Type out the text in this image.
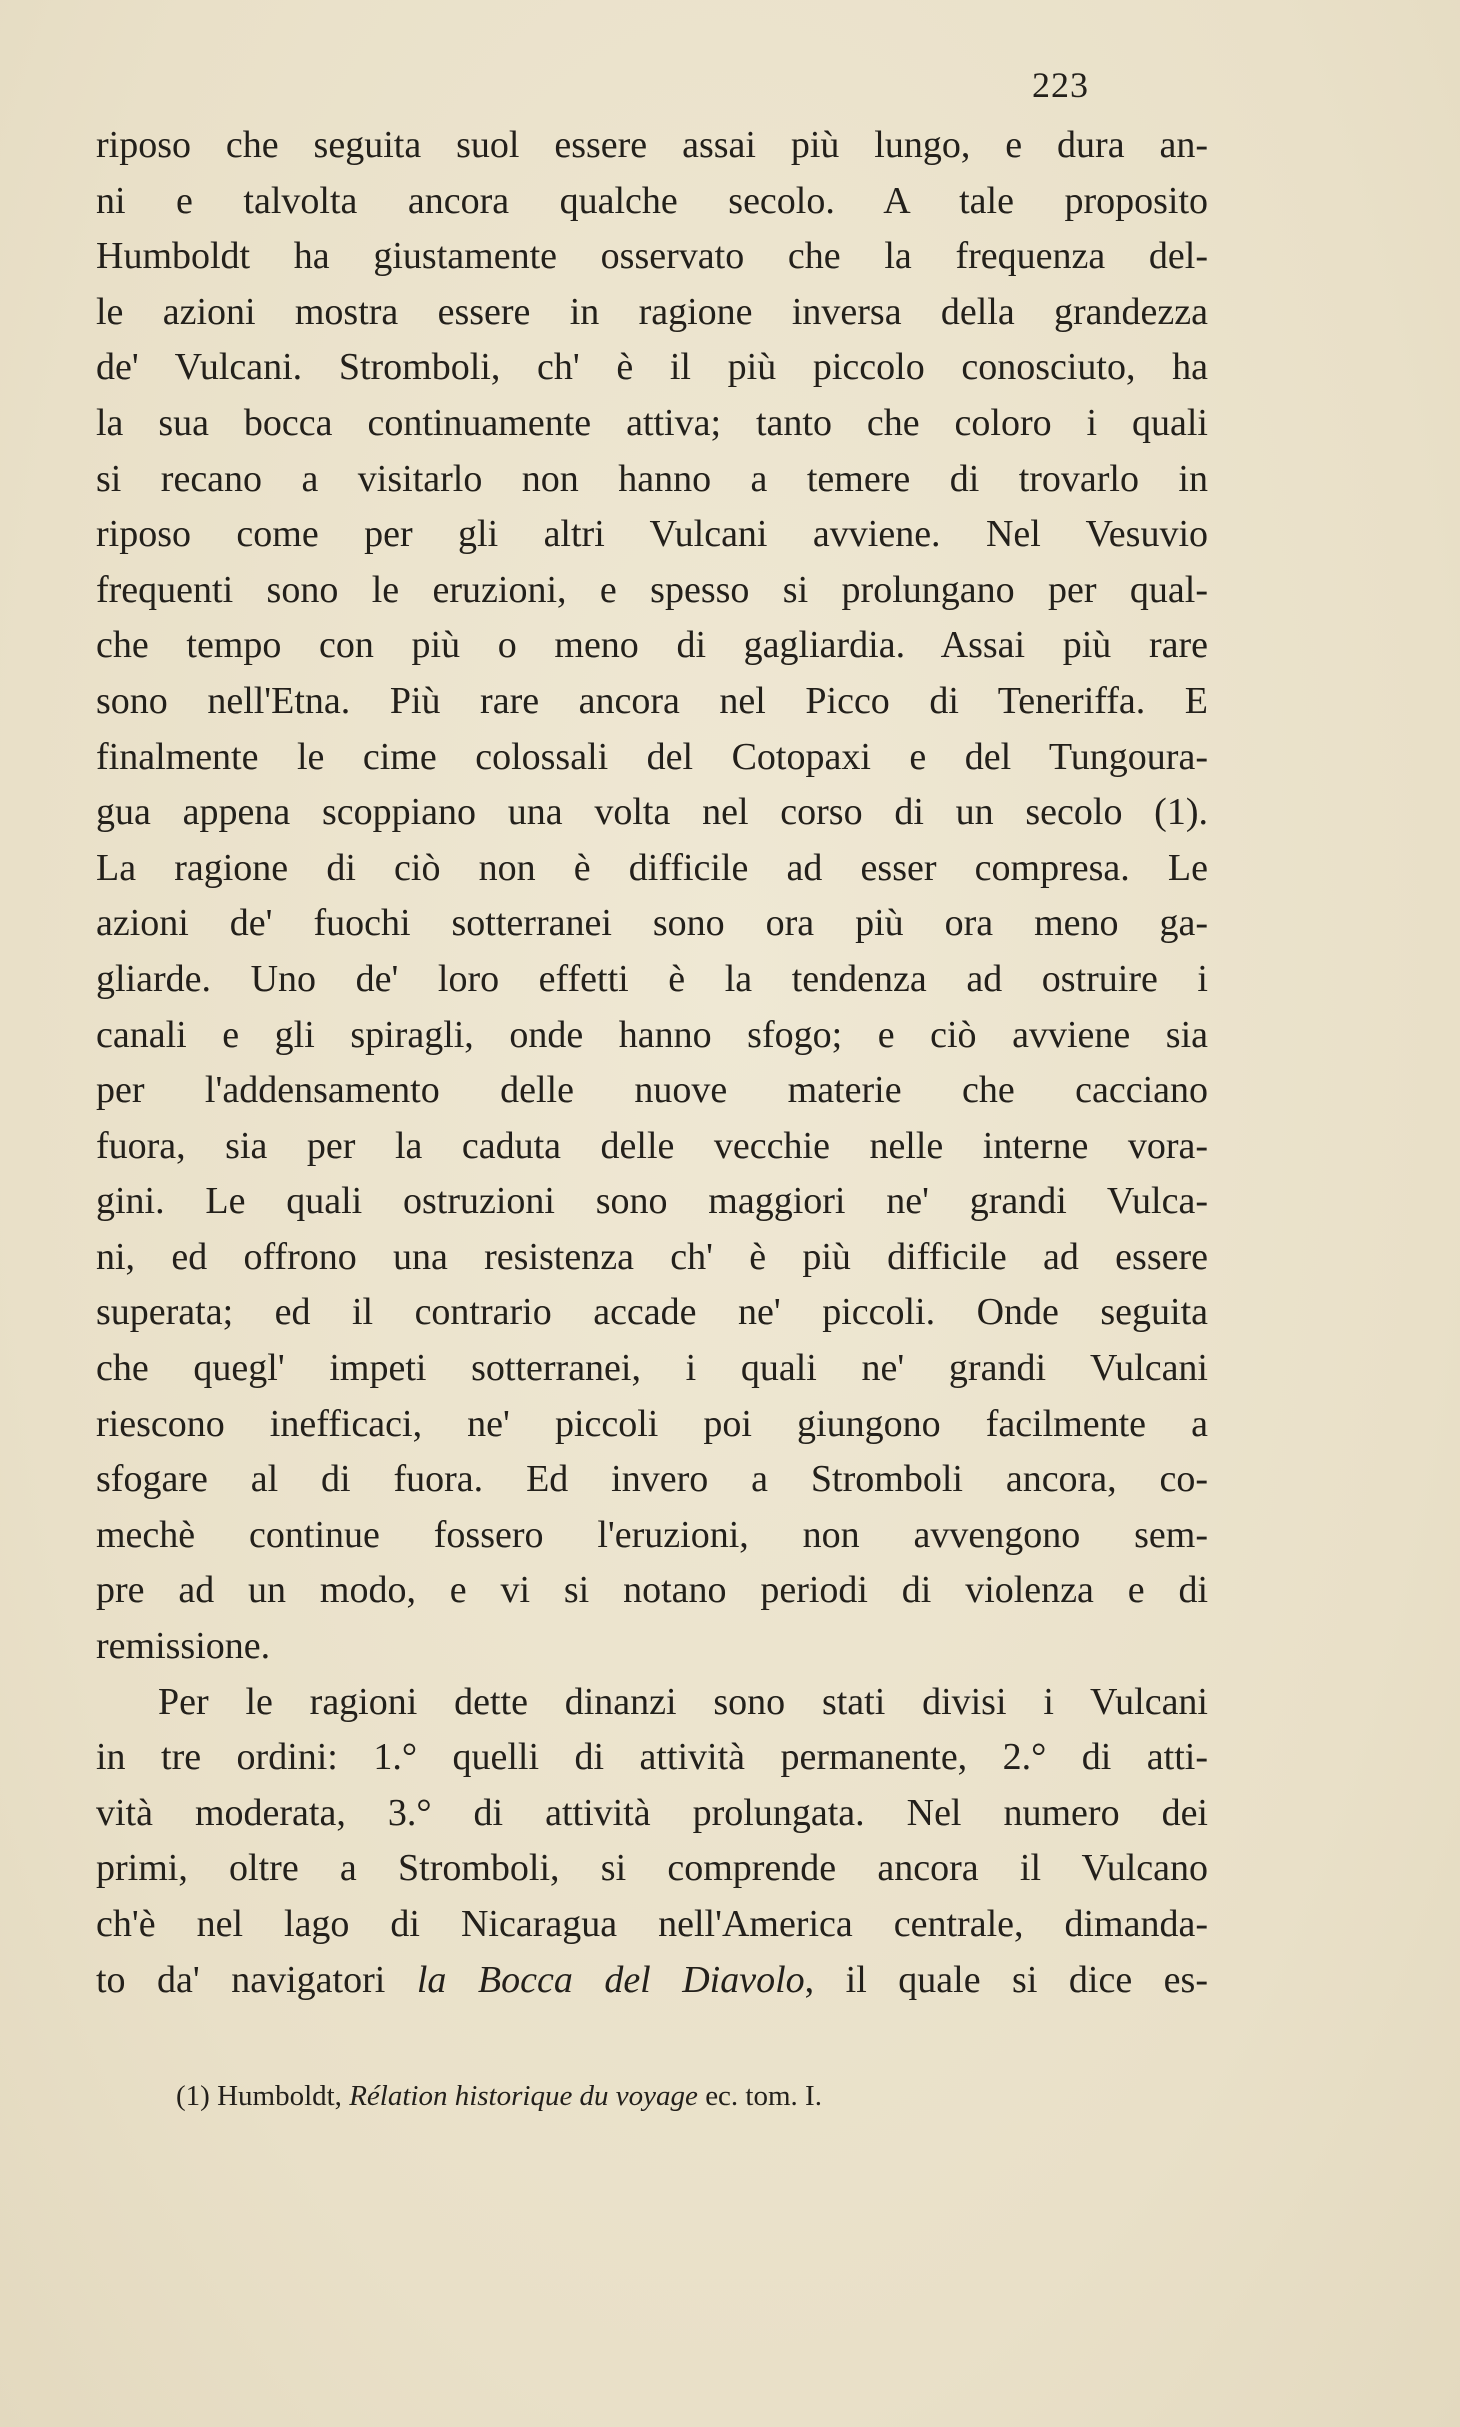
223
riposo che seguita suol essere assai più lungo, e dura an-
ni e talvolta ancora qualche secolo. A tale proposito
Humboldt ha giustamente osservato che la frequenza del-
le azioni mostra essere in ragione inversa della grandezza
de' Vulcani. Stromboli, ch' è il più piccolo conosciuto, ha
la sua bocca continuamente attiva; tanto che coloro i quali
si recano a visitarlo non hanno a temere di trovarlo in
riposo come per gli altri Vulcani avviene. Nel Vesuvio
frequenti sono le eruzioni, e spesso si prolungano per qual-
che tempo con più o meno di gagliardia. Assai più rare
sono nell'Etna. Più rare ancora nel Picco di Teneriffa. E
finalmente le cime colossali del Cotopaxi e del Tungoura-
gua appena scoppiano una volta nel corso di un secolo (1).
La ragione di ciò non è difficile ad esser compresa. Le
azioni de' fuochi sotterranei sono ora più ora meno ga-
gliarde. Uno de' loro effetti è la tendenza ad ostruire i
canali e gli spiragli, onde hanno sfogo; e ciò avviene sia
per l'addensamento delle nuove materie che cacciano
fuora, sia per la caduta delle vecchie nelle interne vora-
gini. Le quali ostruzioni sono maggiori ne' grandi Vulca-
ni, ed offrono una resistenza ch' è più difficile ad essere
superata; ed il contrario accade ne' piccoli. Onde seguita
che quegl' impeti sotterranei, i quali ne' grandi Vulcani
riescono inefficaci, ne' piccoli poi giungono facilmente a
sfogare al di fuora. Ed invero a Stromboli ancora, co-
mechè continue fossero l'eruzioni, non avvengono sem-
pre ad un modo, e vi si notano periodi di violenza e di
remissione.
Per le ragioni dette dinanzi sono stati divisi i Vulcani
in tre ordini: 1.° quelli di attività permanente, 2.° di atti-
vità moderata, 3.° di attività prolungata. Nel numero dei
primi, oltre a Stromboli, si comprende ancora il Vulcano
ch'è nel lago di Nicaragua nell'America centrale, dimanda-
to da' navigatori la Bocca del Diavolo, il quale si dice es-
(1) Humboldt, Rélation historique du voyage ec. tom. I.
